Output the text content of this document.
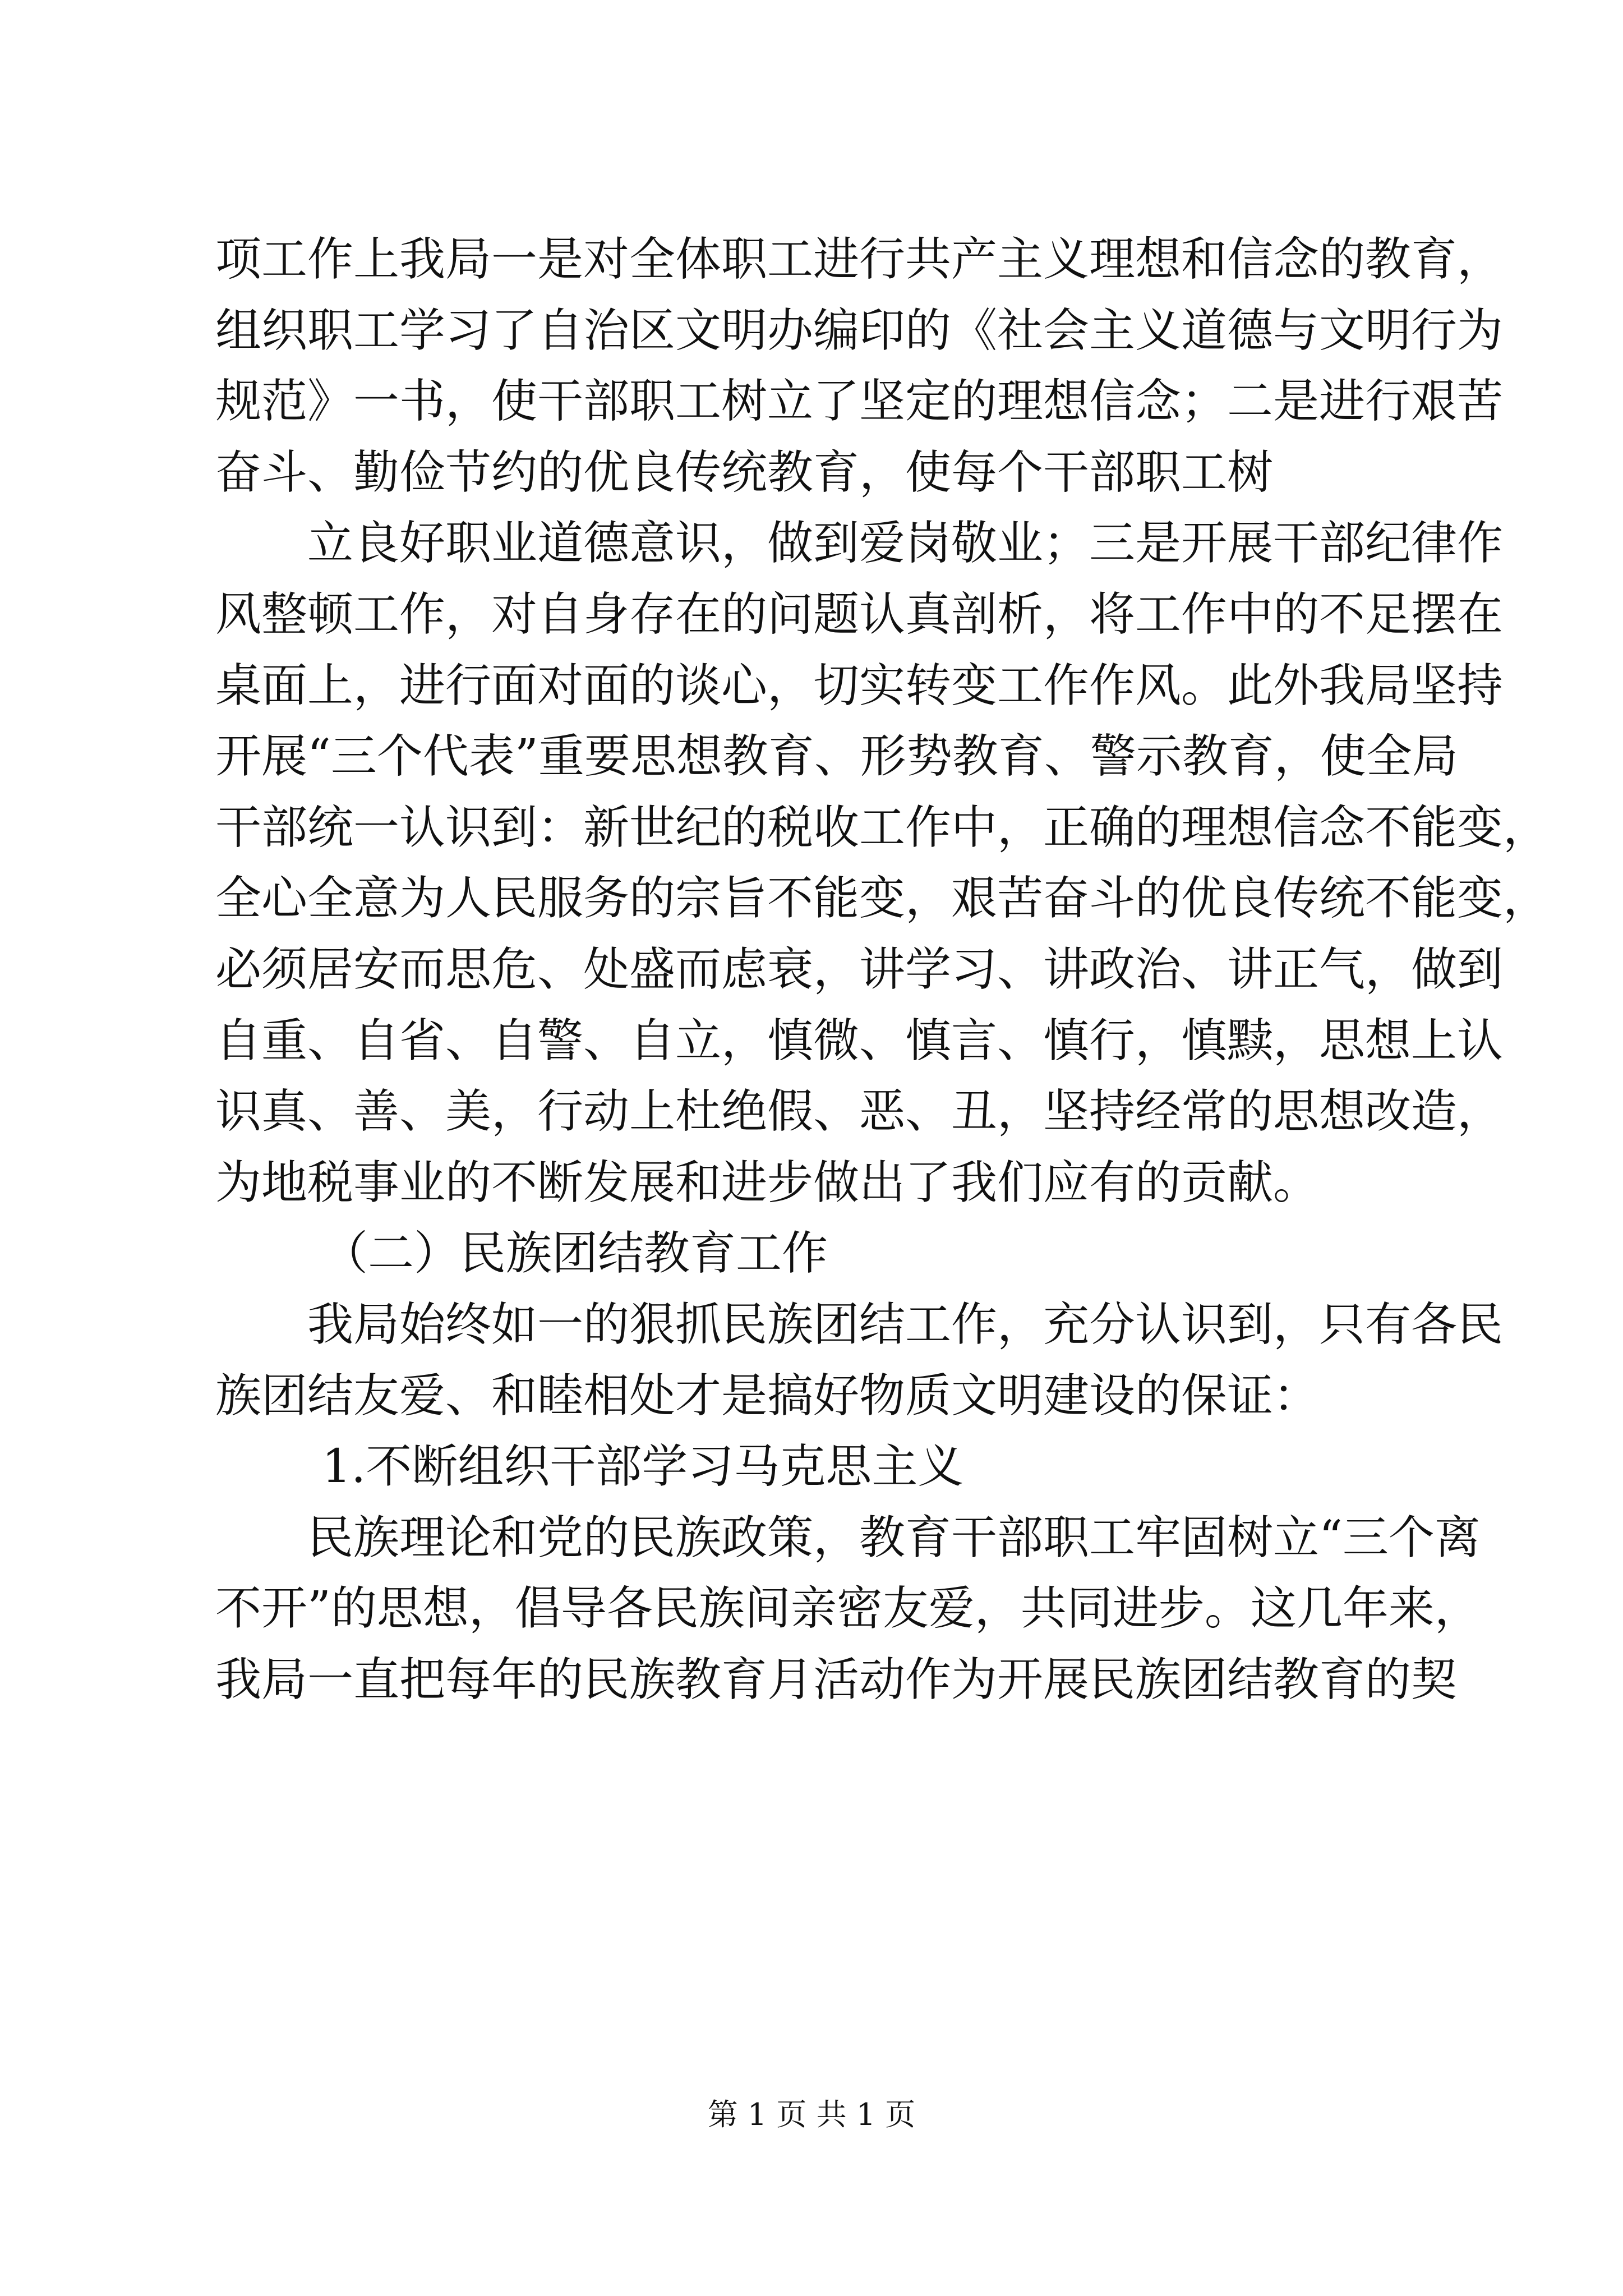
项工作上我局一是对全体职工进行共产主义理想和信念的教育，
组织职工学习了自治区文明办编印的《社会主义道德与文明行为
规范》一书，使干部职工树立了坚定的理想信念；二是进行艰苦
奋斗、勤俭节约的优良传统教育，使每个干部职工树
立良好职业道德意识，做到爱岗敬业；三是开展干部纪律作
风整顿工作，对自身存在的问题认真剖析，将工作中的不足摆在
桌面上，进行面对面的谈心，切实转变工作作风。此外我局坚持
开展“三个代表”重要思想教育、形势教育、警示教育，使全局
干部统一认识到：新世纪的税收工作中，正确的理想信念不能变，
全心全意为人民服务的宗旨不能变，艰苦奋斗的优良传统不能变，
必须居安而思危、处盛而虑衰，讲学习、讲政治、讲正气，做到
自重、自省、自警、自立，慎微、慎言、慎行，慎黩，思想上认
识真、善、美，行动上杜绝假、恶、丑，坚持经常的思想改造，
为地税事业的不断发展和进步做出了我们应有的贡献。
（二）民族团结教育工作
我局始终如一的狠抓民族团结工作，充分认识到，只有各民
族团结友爱、和睦相处才是搞好物质文明建设的保证：
1.不断组织干部学习马克思主义
民族理论和党的民族政策，教育干部职工牢固树立“三个离
不开”的思想，倡导各民族间亲密友爱，共同进步。这几年来，
我局一直把每年的民族教育月活动作为开展民族团结教育的契
第 1 页 共 1 页
